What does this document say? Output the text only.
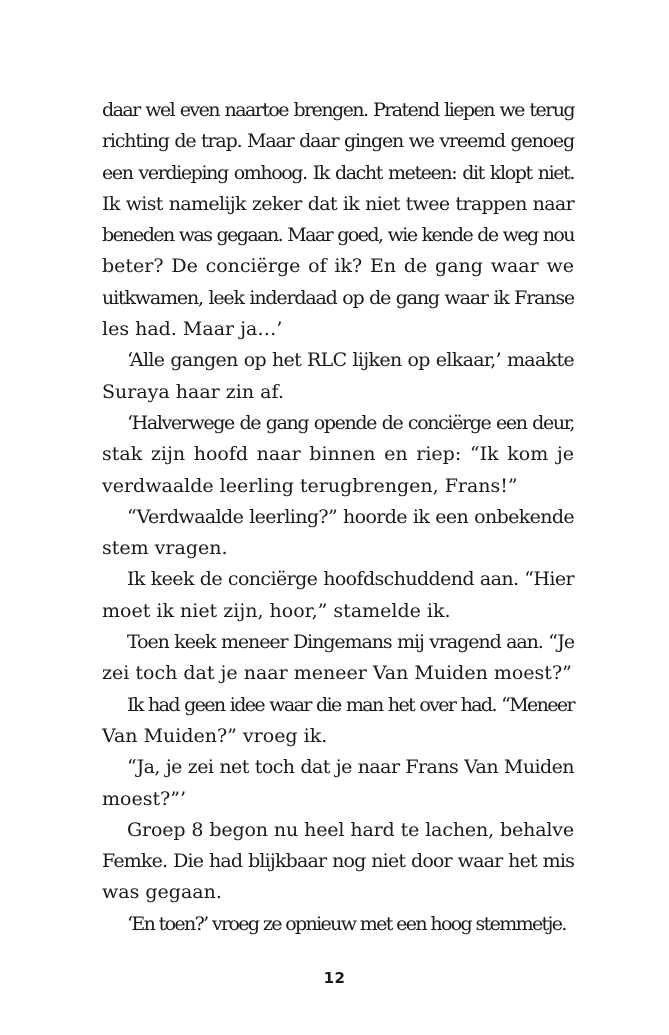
daar wel even naartoe brengen. Pratend liepen we terug
richting de trap. Maar daar gingen we vreemd genoeg
een verdieping omhoog. Ik dacht meteen: dit klopt niet.
Ik wist namelijk zeker dat ik niet twee trappen naar
beneden was gegaan. Maar goed, wie kende de weg nou
beter? De conciërge of ik? En de gang waar we
uitkwamen, leek inderdaad op de gang waar ik Franse
les had. Maar ja…’

‘Alle gangen op het RLC lijken op elkaar,’ maakte
Suraya haar zin af.

‘Halverwege de gang opende de conciërge een deur,
stak zijn hoofd naar binnen en riep: “Ik kom je
verdwaalde leerling terugbrengen, Frans!”

“Verdwaalde leerling?” hoorde ik een onbekende
stem vragen.

Ik keek de conciërge hoofdschuddend aan. “Hier
moet ik niet zijn, hoor,” stamelde ik.

Toen keek meneer Dingemans mij vragend aan. “Je
zei toch dat je naar meneer Van Muiden moest?”

Ik had geen idee waar die man het over had. “Meneer
Van Muiden?” vroeg ik.

“Ja, je zei net toch dat je naar Frans Van Muiden
moest?”’

Groep 8 begon nu heel hard te lachen, behalve
Femke. Die had blijkbaar nog niet door waar het mis
was gegaan.

‘En toen?’ vroeg ze opnieuw met een hoog stemmetje.

12
